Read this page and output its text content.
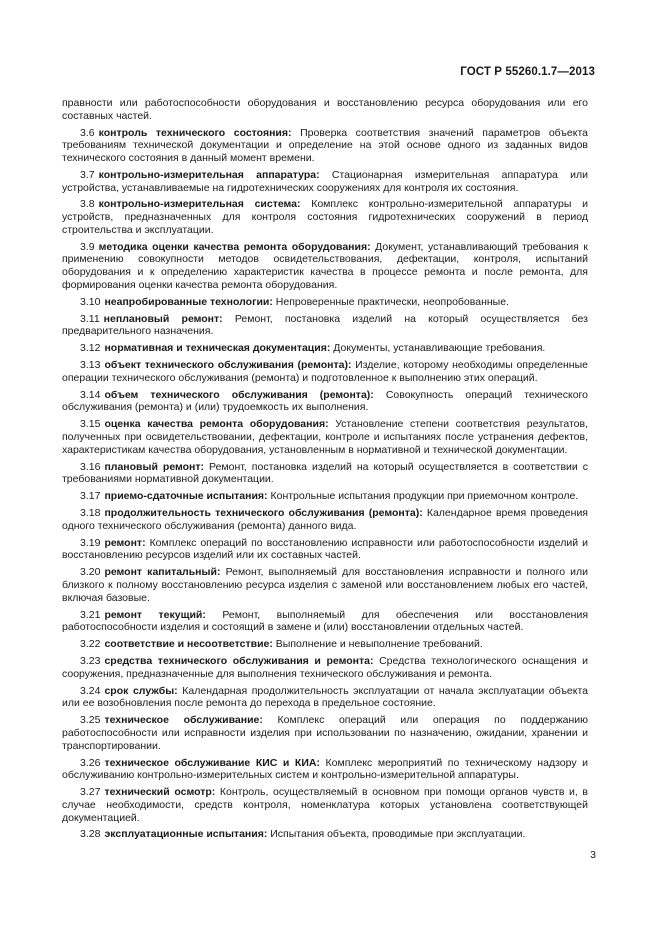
ГОСТ Р 55260.1.7—2013

правности или работоспособности оборудования и восстановлению ресурса оборудования или его составных частей.

3.6 контроль технического состояния: Проверка соответствия значений параметров объекта требованиям технической документации и определение на этой основе одного из заданных видов технического состояния в данный момент времени.

3.7 контрольно-измерительная аппаратура: Стационарная измерительная аппаратура или устройства, устанавливаемые на гидротехнических сооружениях для контроля их состояния.

3.8 контрольно-измерительная система: Комплекс контрольно-измерительной аппаратуры и устройств, предназначенных для контроля состояния гидротехнических сооружений в период строительства и эксплуатации.

3.9 методика оценки качества ремонта оборудования: Документ, устанавливающий требования к применению совокупности методов освидетельствования, дефектации, контроля, испытаний оборудования и к определению характеристик качества в процессе ремонта и после ремонта, для формирования оценки качества ремонта оборудования.

3.10 неапробированные технологии: Непроверенные практически, неопробованные.

3.11 неплановый ремонт: Ремонт, постановка изделий на который осуществляется без предварительного назначения.

3.12 нормативная и техническая документация: Документы, устанавливающие требования.

3.13 объект технического обслуживания (ремонта): Изделие, которому необходимы определенные операции технического обслуживания (ремонта) и подготовленное к выполнению этих операций.

3.14 объем технического обслуживания (ремонта): Совокупность операций технического обслуживания (ремонта) и (или) трудоемкость их выполнения.

3.15 оценка качества ремонта оборудования: Установление степени соответствия результатов, полученных при освидетельствовании, дефектации, контроле и испытаниях после устранения дефектов, характеристикам качества оборудования, установленным в нормативной и технической документации.

3.16 плановый ремонт: Ремонт, постановка изделий на который осуществляется в соответствии с требованиями нормативной документации.

3.17 приемо-сдаточные испытания: Контрольные испытания продукции при приемочном контроле.

3.18 продолжительность технического обслуживания (ремонта): Календарное время проведения одного технического обслуживания (ремонта) данного вида.

3.19 ремонт: Комплекс операций по восстановлению исправности или работоспособности изделий и восстановлению ресурсов изделий или их составных частей.

3.20 ремонт капитальный: Ремонт, выполняемый для восстановления исправности и полного или близкого к полному восстановлению ресурса изделия с заменой или восстановлением любых его частей, включая базовые.

3.21 ремонт текущий: Ремонт, выполняемый для обеспечения или восстановления работоспособности изделия и состоящий в замене и (или) восстановлении отдельных частей.

3.22 соответствие и несоответствие: Выполнение и невыполнение требований.

3.23 средства технического обслуживания и ремонта: Средства технологического оснащения и сооружения, предназначенные для выполнения технического обслуживания и ремонта.

3.24 срок службы: Календарная продолжительность эксплуатации от начала эксплуатации объекта или ее возобновления после ремонта до перехода в предельное состояние.

3.25 техническое обслуживание: Комплекс операций или операция по поддержанию работоспособности или исправности изделия при использовании по назначению, ожидании, хранении и транспортировании.

3.26 техническое обслуживание КИС и КИА: Комплекс мероприятий по техническому надзору и обслуживанию контрольно-измерительных систем и контрольно-измерительной аппаратуры.

3.27 технический осмотр: Контроль, осуществляемый в основном при помощи органов чувств и, в случае необходимости, средств контроля, номенклатура которых установлена соответствующей документацией.

3.28 эксплуатационные испытания: Испытания объекта, проводимые при эксплуатации.

3
